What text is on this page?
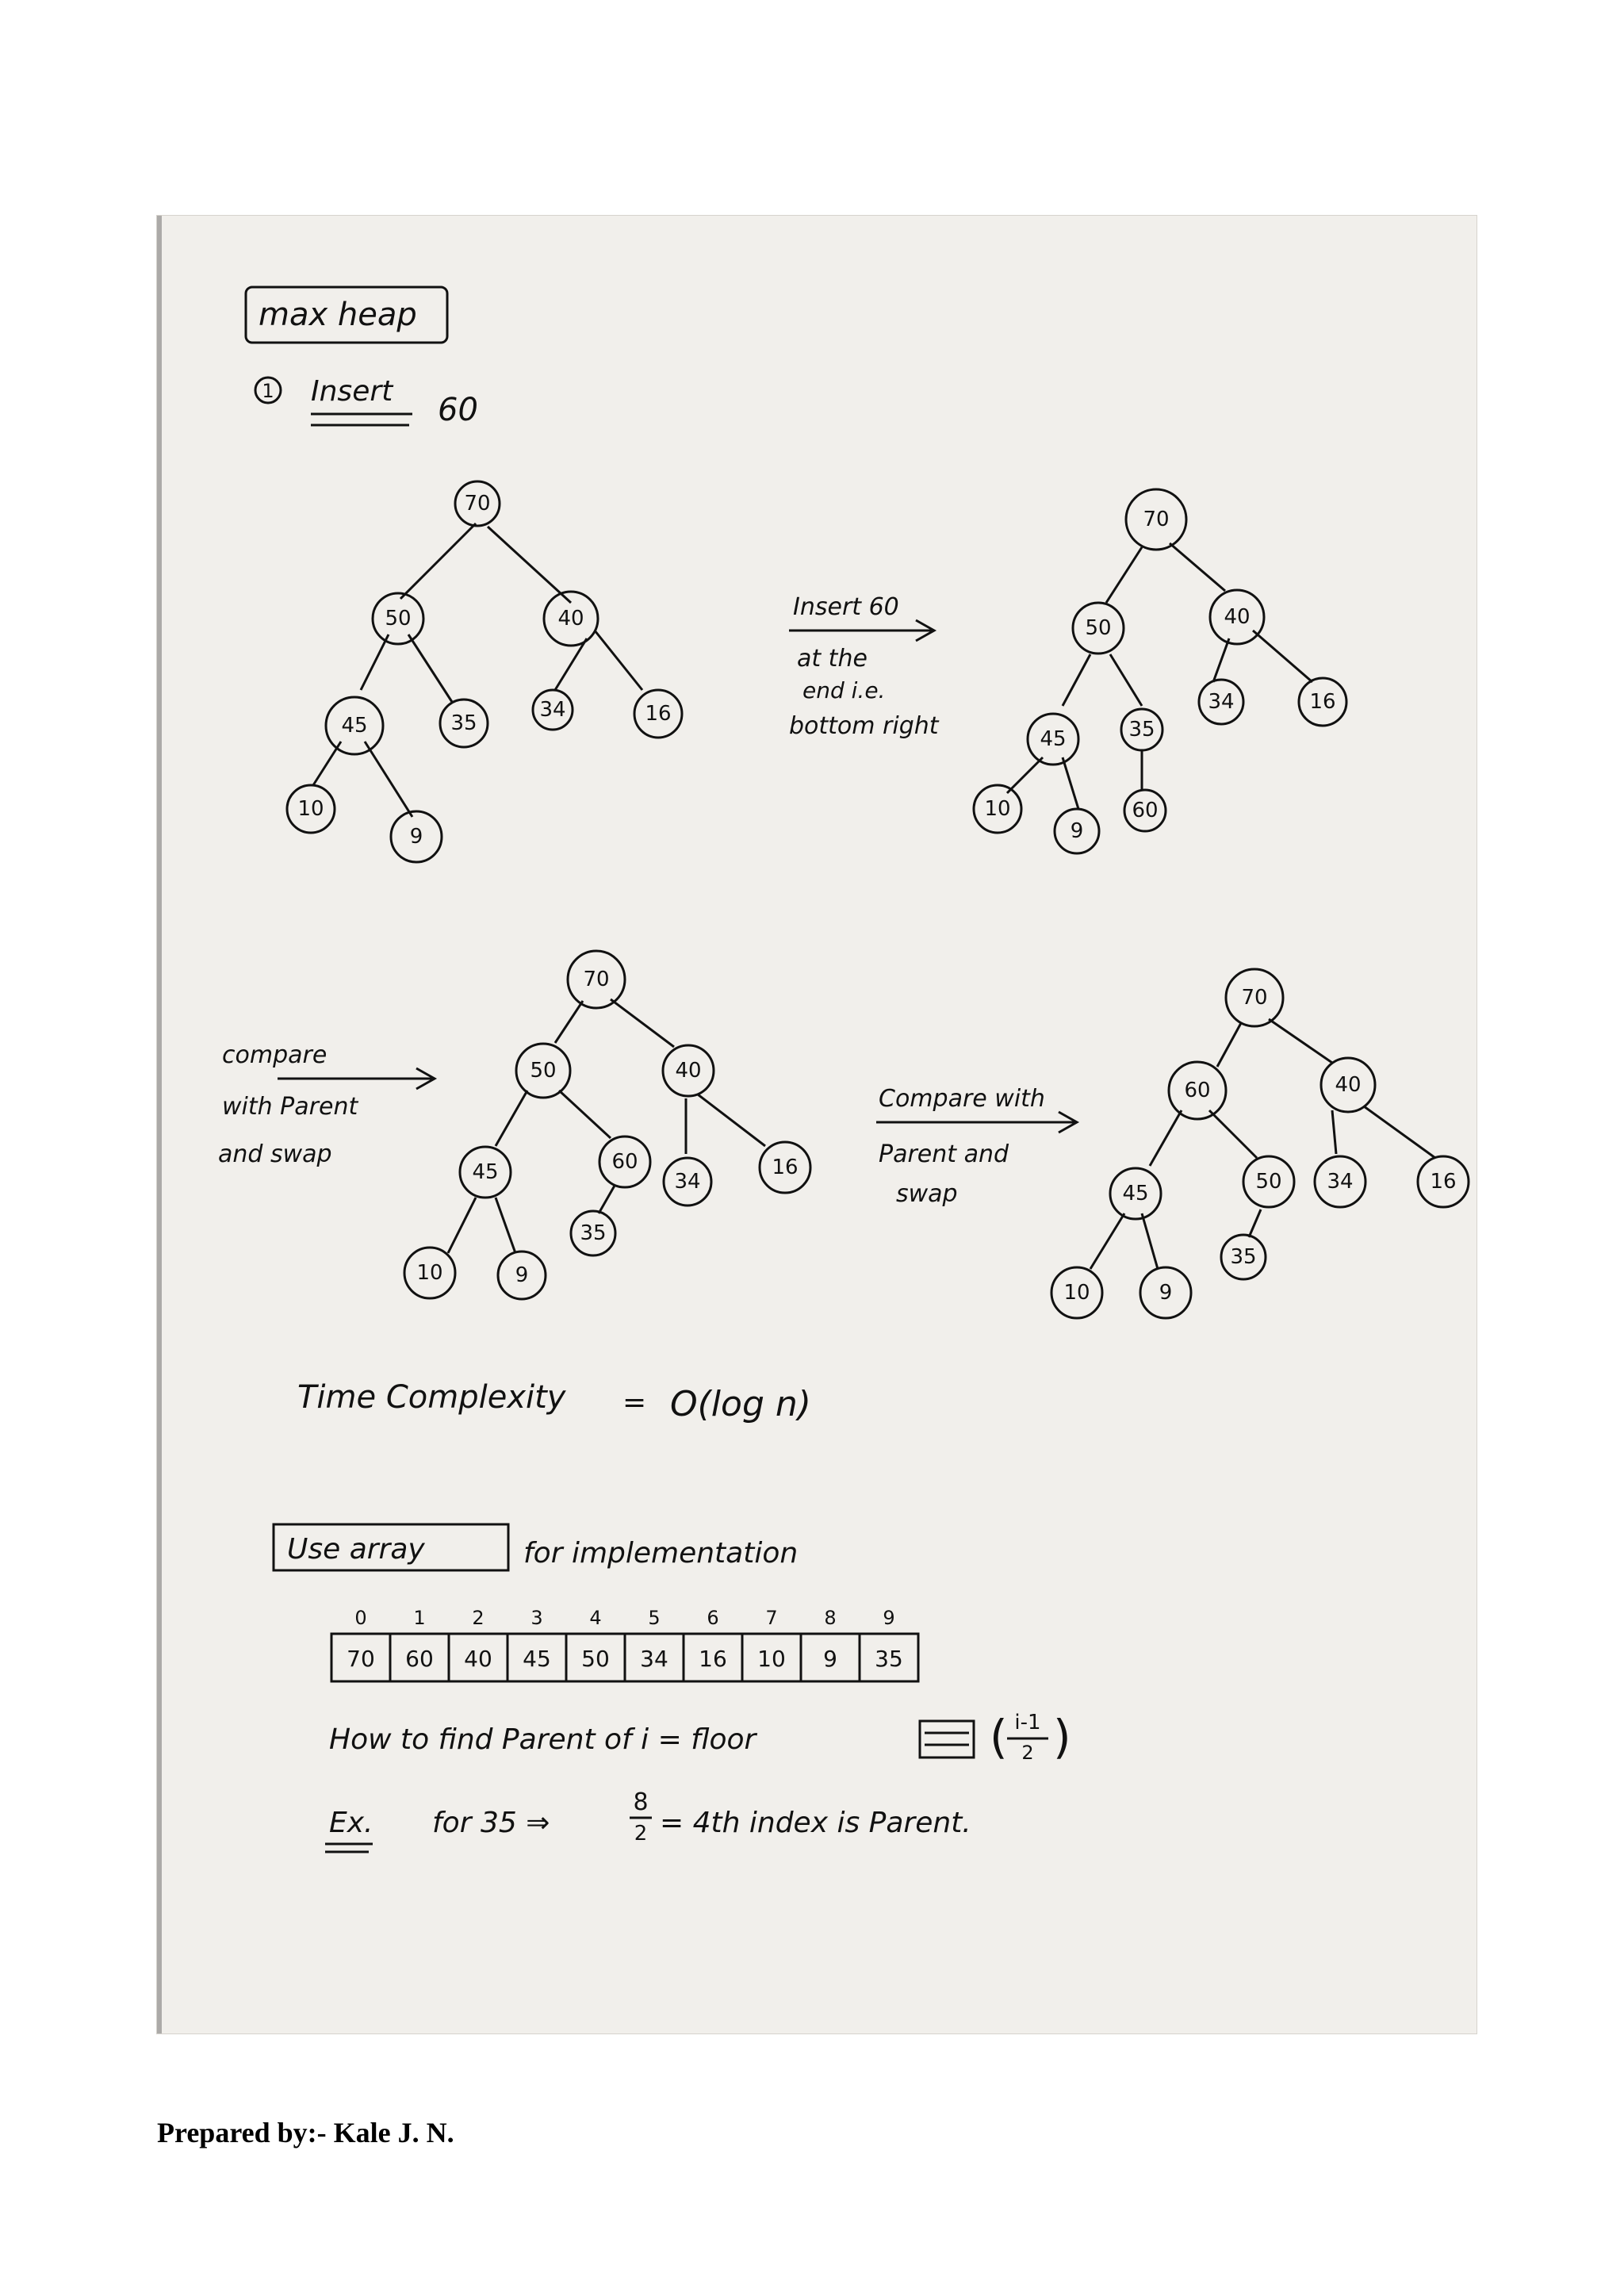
max heap
1 Insert
60
70
50	40
45	35
34	16
10
9
Insert 60
at the
end i.e.
bottom right
70
50	40
45	35
34	16
10
9
60
compare
with Parent
and swap
70
50	40
45	60
34
16
10	9
35
Compare with
Parent and
swap
70
60	40
45	50 34	16
10	9
35
Time Complexity = O(log n)
Use array	for implementation
0 1 2 3 4 5 6 7 8 9
70 60 40 45 50 34 16 10 9 35
How to find Parent of i = floor	( i-1
2 )
Ex. for 35 ⇒
8
2 = 4th index is Parent.
Prepared by:- Kale J. N.
